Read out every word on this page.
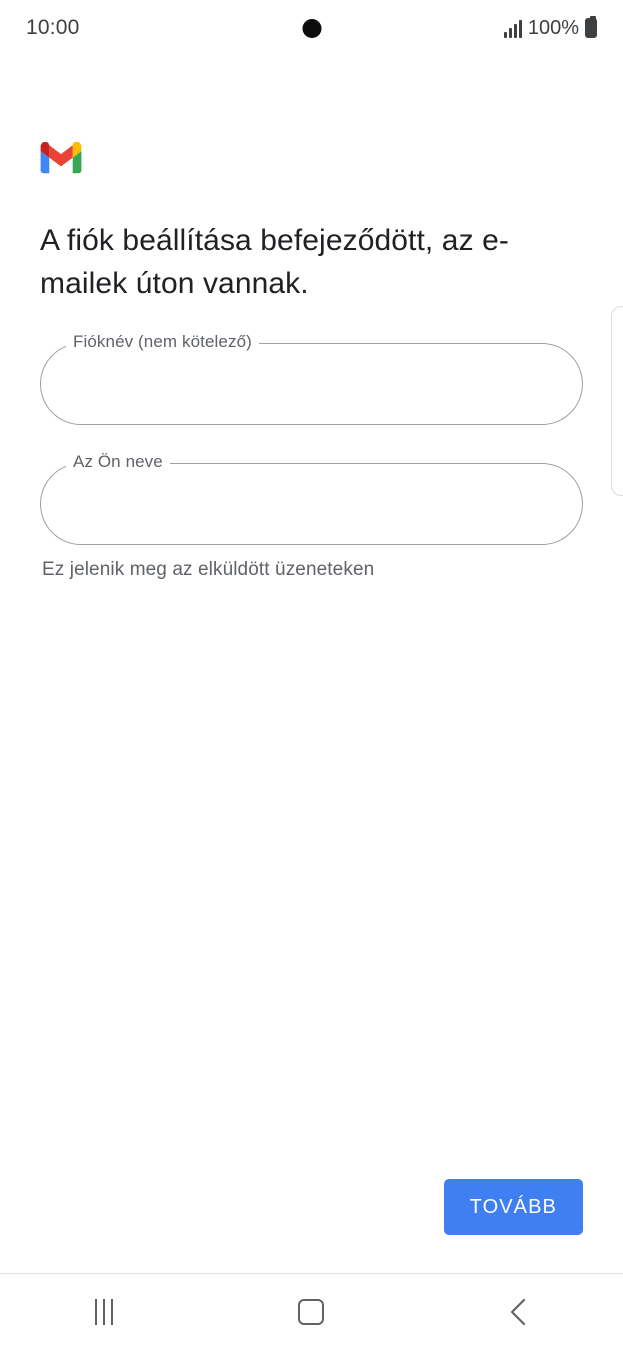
10:00	100%
A fiók beállítása befejeződött, az e-mailek úton vannak.
Fióknév (nem kötelező)
Az Ön neve
Ez jelenik meg az elküldött üzeneteken
TOVÁBB
